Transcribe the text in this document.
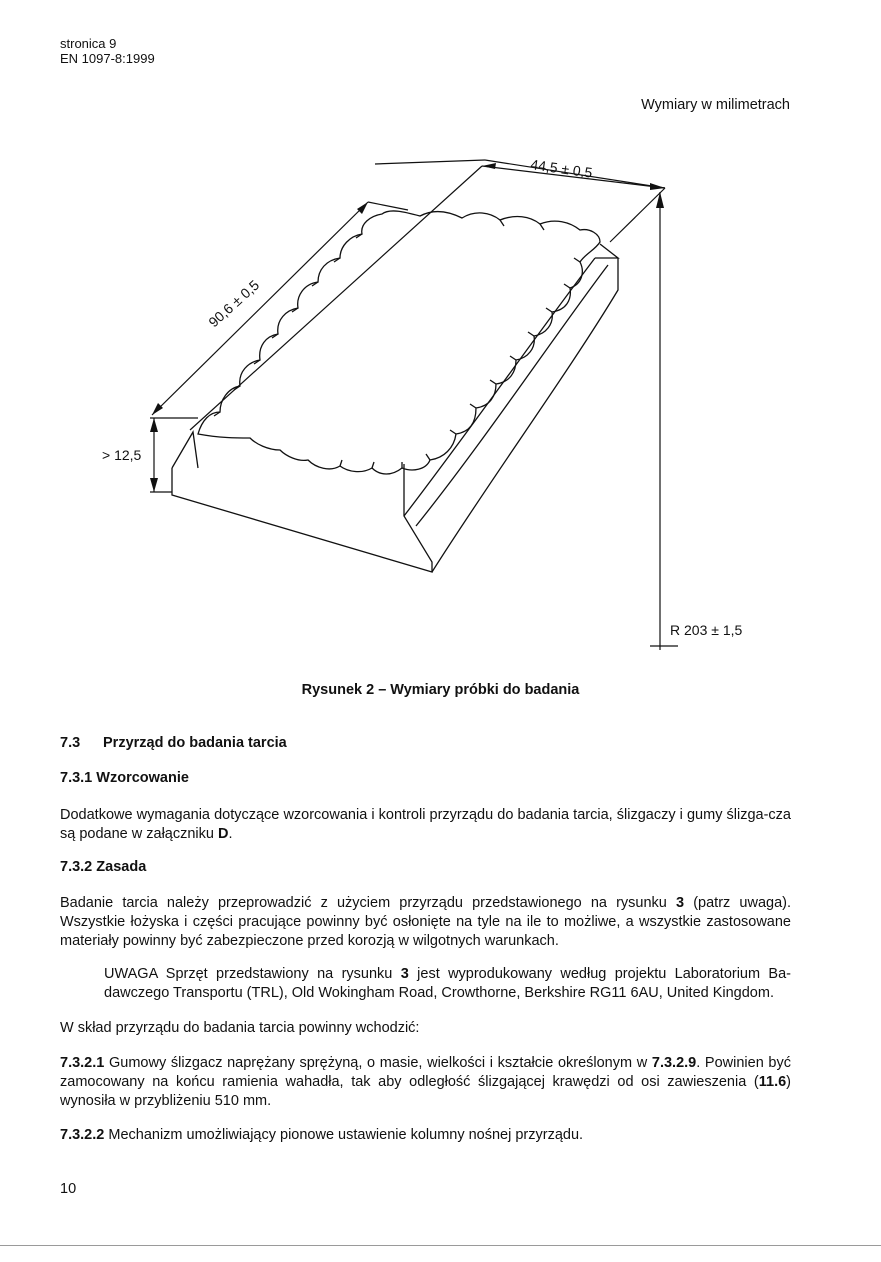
stronica 9
EN 1097-8:1999
Wymiary w milimetrach
44,5 ± 0,5
90,6 ± 0,5
> 12,5
R 203 ± 1,5
Rysunek 2 – Wymiary próbki do badania
7.3 Przyrząd do badania tarcia
7.3.1 Wzorcowanie
Dodatkowe wymagania dotyczące wzorcowania i kontroli przyrządu do badania tarcia, ślizgaczy i gumy ślizga-cza są podane w załączniku D.
7.3.2 Zasada
Badanie tarcia należy przeprowadzić z użyciem przyrządu przedstawionego na rysunku 3 (patrz uwaga). Wszystkie łożyska i części pracujące powinny być osłonięte na tyle na ile to możliwe, a wszystkie zastosowane materiały powinny być zabezpieczone przed korozją w wilgotnych warunkach.
UWAGA Sprzęt przedstawiony na rysunku 3 jest wyprodukowany według projektu Laboratorium Ba-dawczego Transportu (TRL), Old Wokingham Road, Crowthorne, Berkshire RG11 6AU, United Kingdom.
W skład przyrządu do badania tarcia powinny wchodzić:
7.3.2.1 Gumowy ślizgacz naprężany sprężyną, o masie, wielkości i kształcie określonym w 7.3.2.9. Powinien być zamocowany na końcu ramienia wahadła, tak aby odległość ślizgającej krawędzi od osi zawieszenia (11.6) wynosiła w przybliżeniu 510 mm.
7.3.2.2 Mechanizm umożliwiający pionowe ustawienie kolumny nośnej przyrządu.
10
